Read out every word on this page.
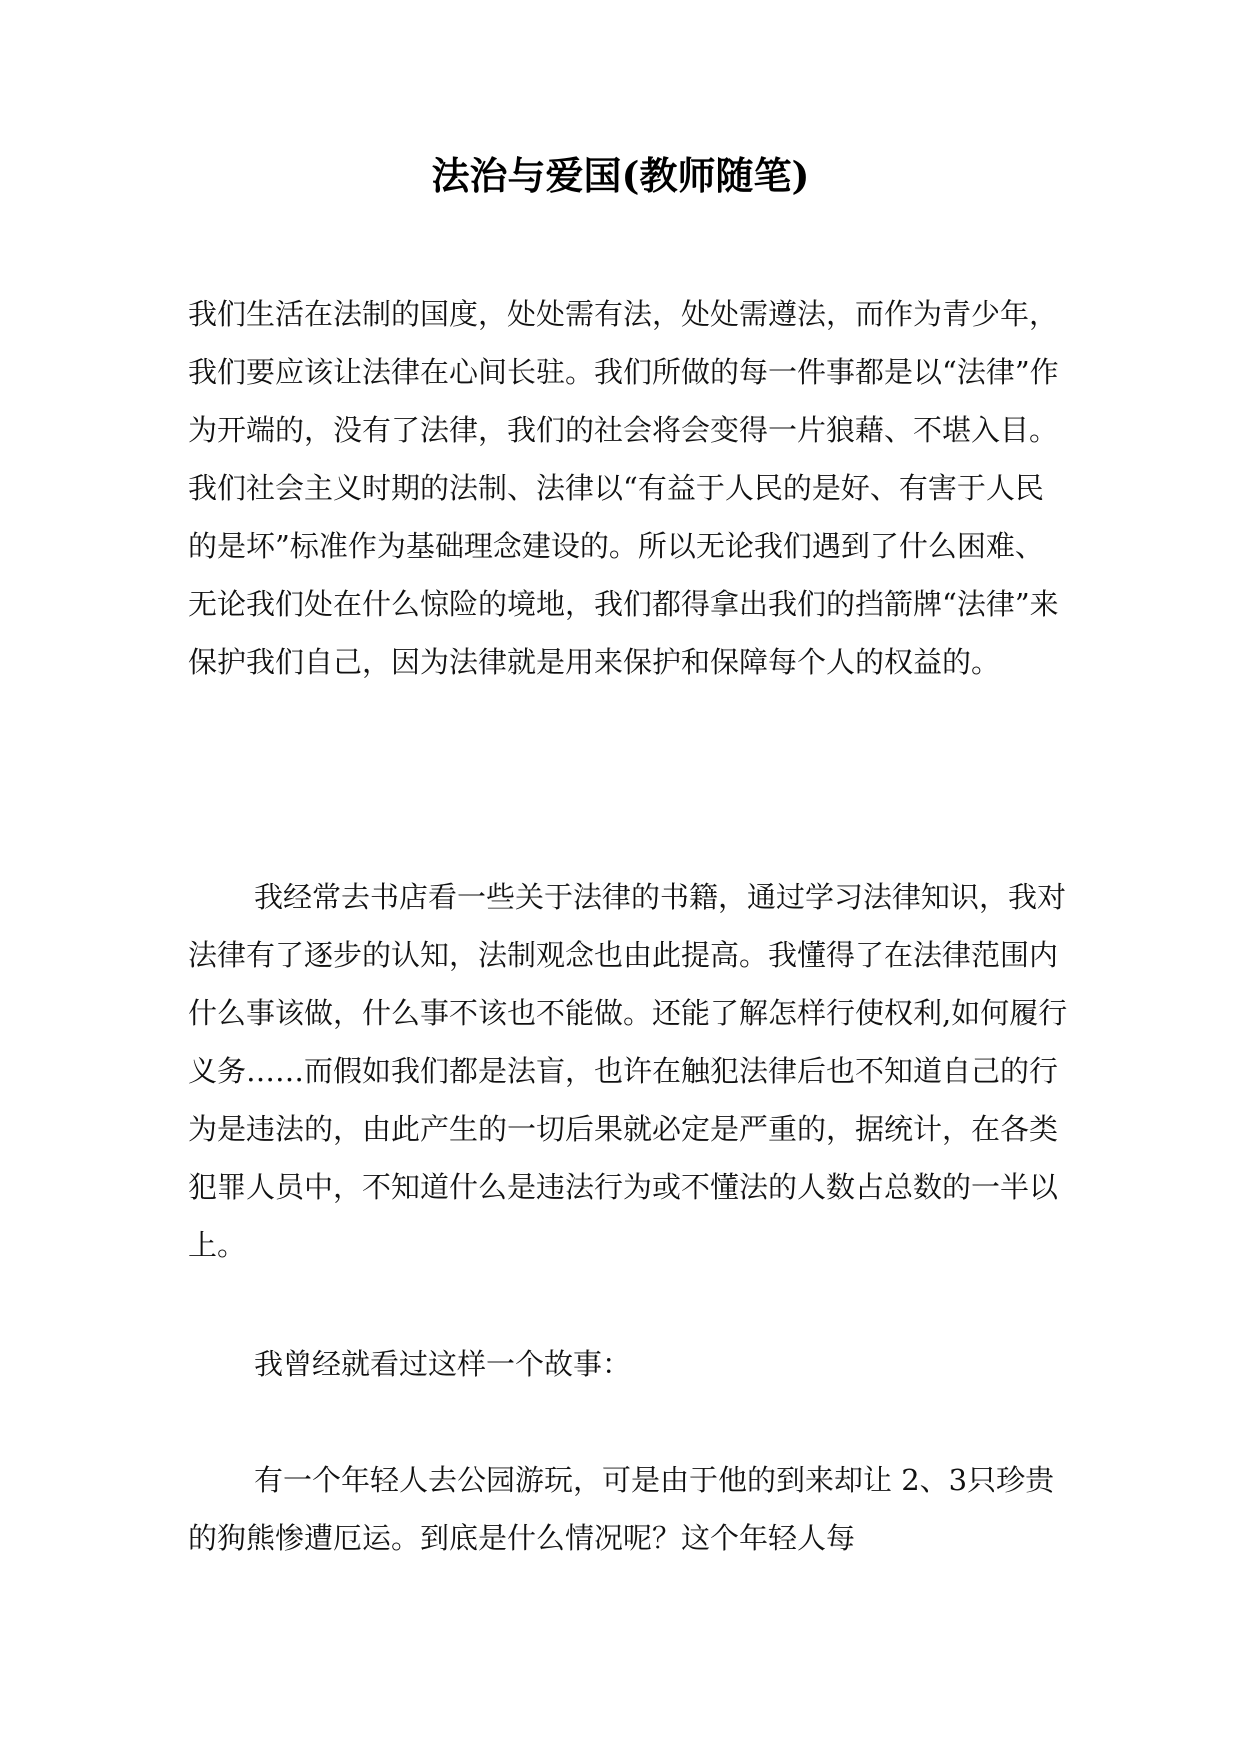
法治与爱国(教师随笔)

我们生活在法制的国度，处处需有法，处处需遵法，而作为青少年，我们要应该让法律在心间长驻。我们所做的每一件事都是以“法律”作为开端的，没有了法律，我们的社会将会变得一片狼藉、不堪入目。我们社会主义时期的法制、法律以“有益于人民的是好、有害于人民的是坏”标准作为基础理念建设的。所以无论我们遇到了什么困难、无论我们处在什么惊险的境地，我们都得拿出我们的挡箭牌“法律”来保护我们自己，因为法律就是用来保护和保障每个人的权益的。

我经常去书店看一些关于法律的书籍，通过学习法律知识，我对法律有了逐步的认知，法制观念也由此提高。我懂得了在法律范围内什么事该做，什么事不该也不能做。还能了解怎样行使权利,如何履行义务……而假如我们都是法盲，也许在触犯法律后也不知道自己的行为是违法的，由此产生的一切后果就必定是严重的，据统计，在各类犯罪人员中，不知道什么是违法行为或不懂法的人数占总数的一半以上。

我曾经就看过这样一个故事：

有一个年轻人去公园游玩，可是由于他的到来却让 2、3只珍贵的狗熊惨遭厄运。到底是什么情况呢？这个年轻人每
